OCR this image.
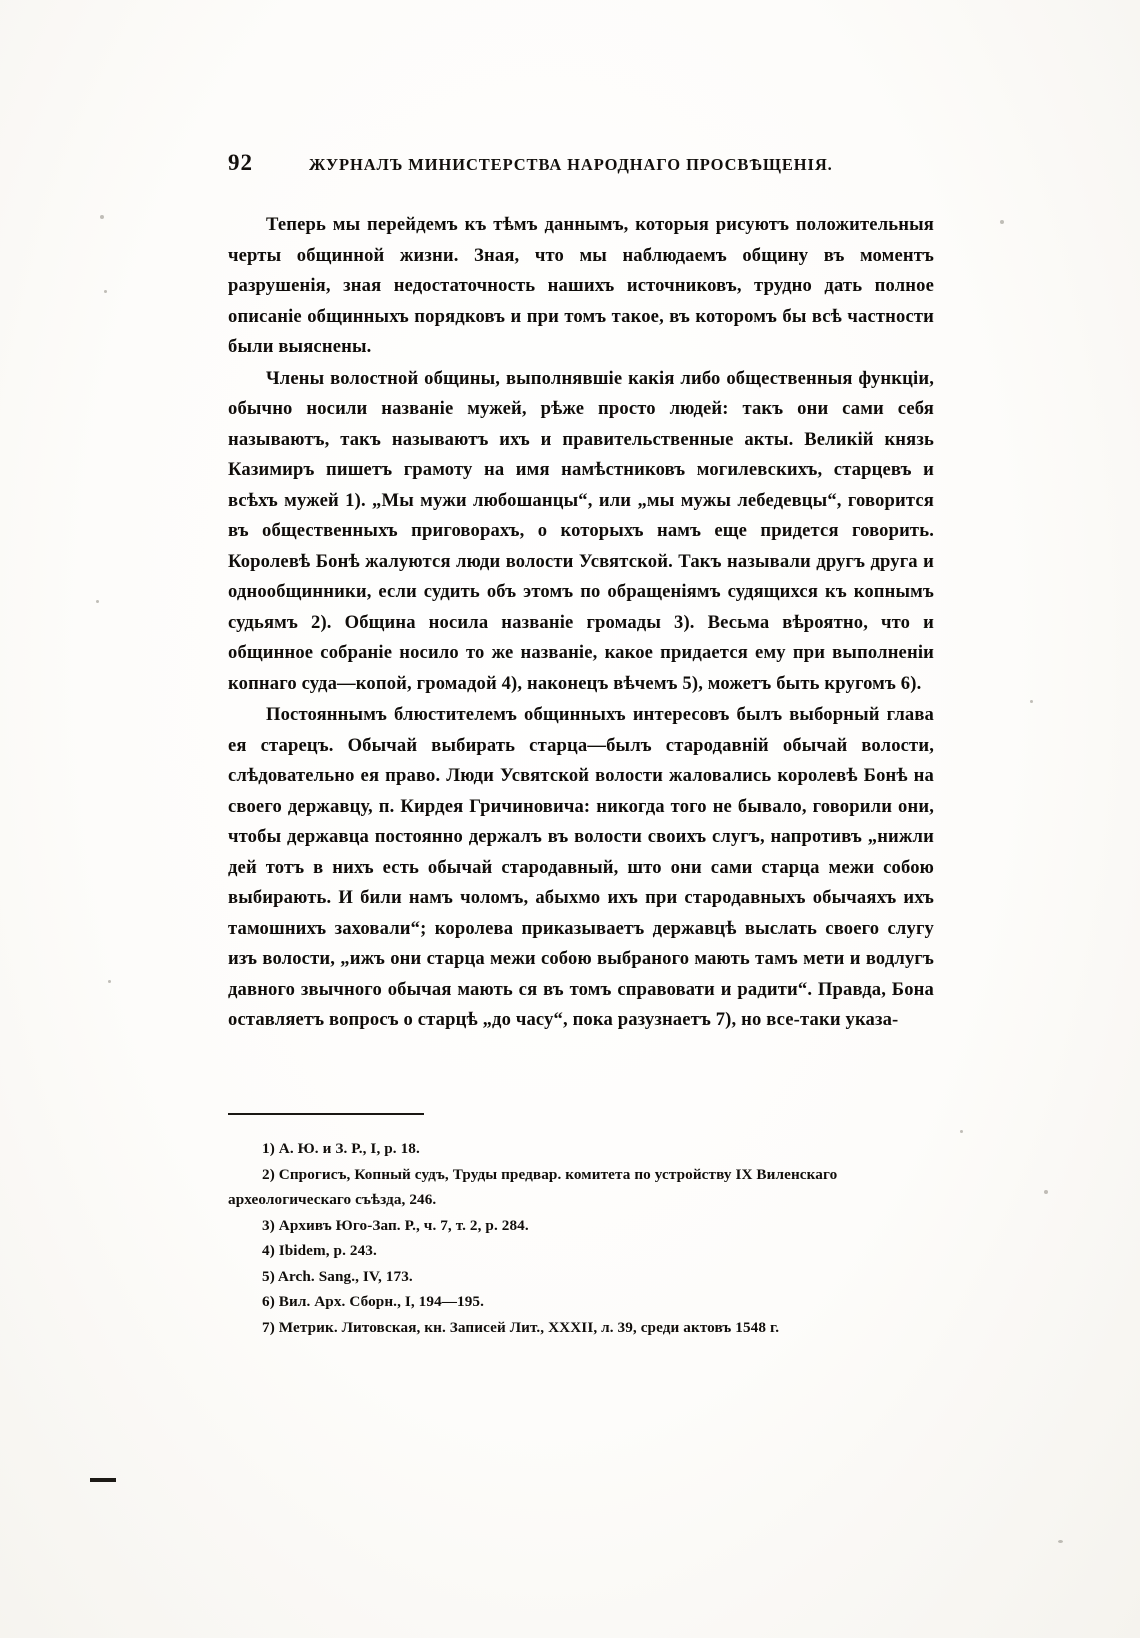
92	ЖУРНАЛЪ МИНИСТЕРСТВА НАРОДНАГО ПРОСВѢЩЕНІЯ.

Теперь мы перейдемъ къ тѣмъ даннымъ, которыя рисуютъ положительныя черты общинной жизни. Зная, что мы наблюдаемъ общину въ моментъ разрушенія, зная недостаточность нашихъ источниковъ, трудно дать полное описаніе общинныхъ порядковъ и при томъ такое, въ которомъ бы всѣ частности были выяснены.

Члены волостной общины, выполнявшіе какія либо общественныя функціи, обычно носили названіе мужей, рѣже просто людей: такъ они сами себя называютъ, такъ называютъ ихъ и правительственные акты. Великій князь Казимиръ пишетъ грамоту на имя намѣстниковъ могилевскихъ, старцевъ и всѣхъ мужей 1). „Мы мужи любошанцы“, или „мы мужы лебедевцы“, говорится въ общественныхъ приговорахъ, о которыхъ намъ еще придется говорить. Королевѣ Бонѣ жалуются люди волости Усвятской. Такъ называли другъ друга и однообщинники, если судить объ этомъ по обращеніямъ судящихся къ копнымъ судьямъ 2). Община носила названіе громады 3). Весьма вѣроятно, что и общинное собраніе носило то же названіе, какое придается ему при выполненіи копнаго суда—копой, громадой 4), наконецъ вѣчемъ 5), можетъ быть кругомъ 6).

Постояннымъ блюстителемъ общинныхъ интересовъ былъ выборный глава ея старецъ. Обычай выбирать старца—былъ стародавній обычай волости, слѣдовательно ея право. Люди Усвятской волости жаловались королевѣ Бонѣ на своего державцу, п. Кирдея Гричиновича: никогда того не бывало, говорили они, чтобы державца постоянно держалъ въ волости своихъ слугъ, напротивъ „нижли дей тотъ в нихъ есть обычай стародавный, што они сами старца межи собою выбирають. И били намъ чоломъ, абыхмо ихъ при стародавныхъ обычаяхъ ихъ тамошнихъ заховали“; королева приказываетъ державцѣ выслать своего слугу изъ волости, „ижъ они старца межи собою выбраного мають тамъ мети и водлугъ давного звычного обычая мають ся въ томъ справовати и радити“. Правда, Бона оставляетъ вопросъ о старцѣ „до часу“, пока разузнаетъ 7), но все-таки указа-

1) А. Ю. и З. Р., I, p. 18.

2) Спрогисъ, Копный судъ, Труды предвар. комитета по устройству IX Виленскаго археологическаго съѣзда, 246.

3) Архивъ Юго-Зап. Р., ч. 7, т. 2, p. 284.

4) Ibidem, p. 243.

5) Arch. Sang., IV, 173.

6) Вил. Арх. Сборн., I, 194—195.

7) Метрик. Литовская, кн. Записей Лит., XXXII, л. 39, среди актовъ 1548 г.
